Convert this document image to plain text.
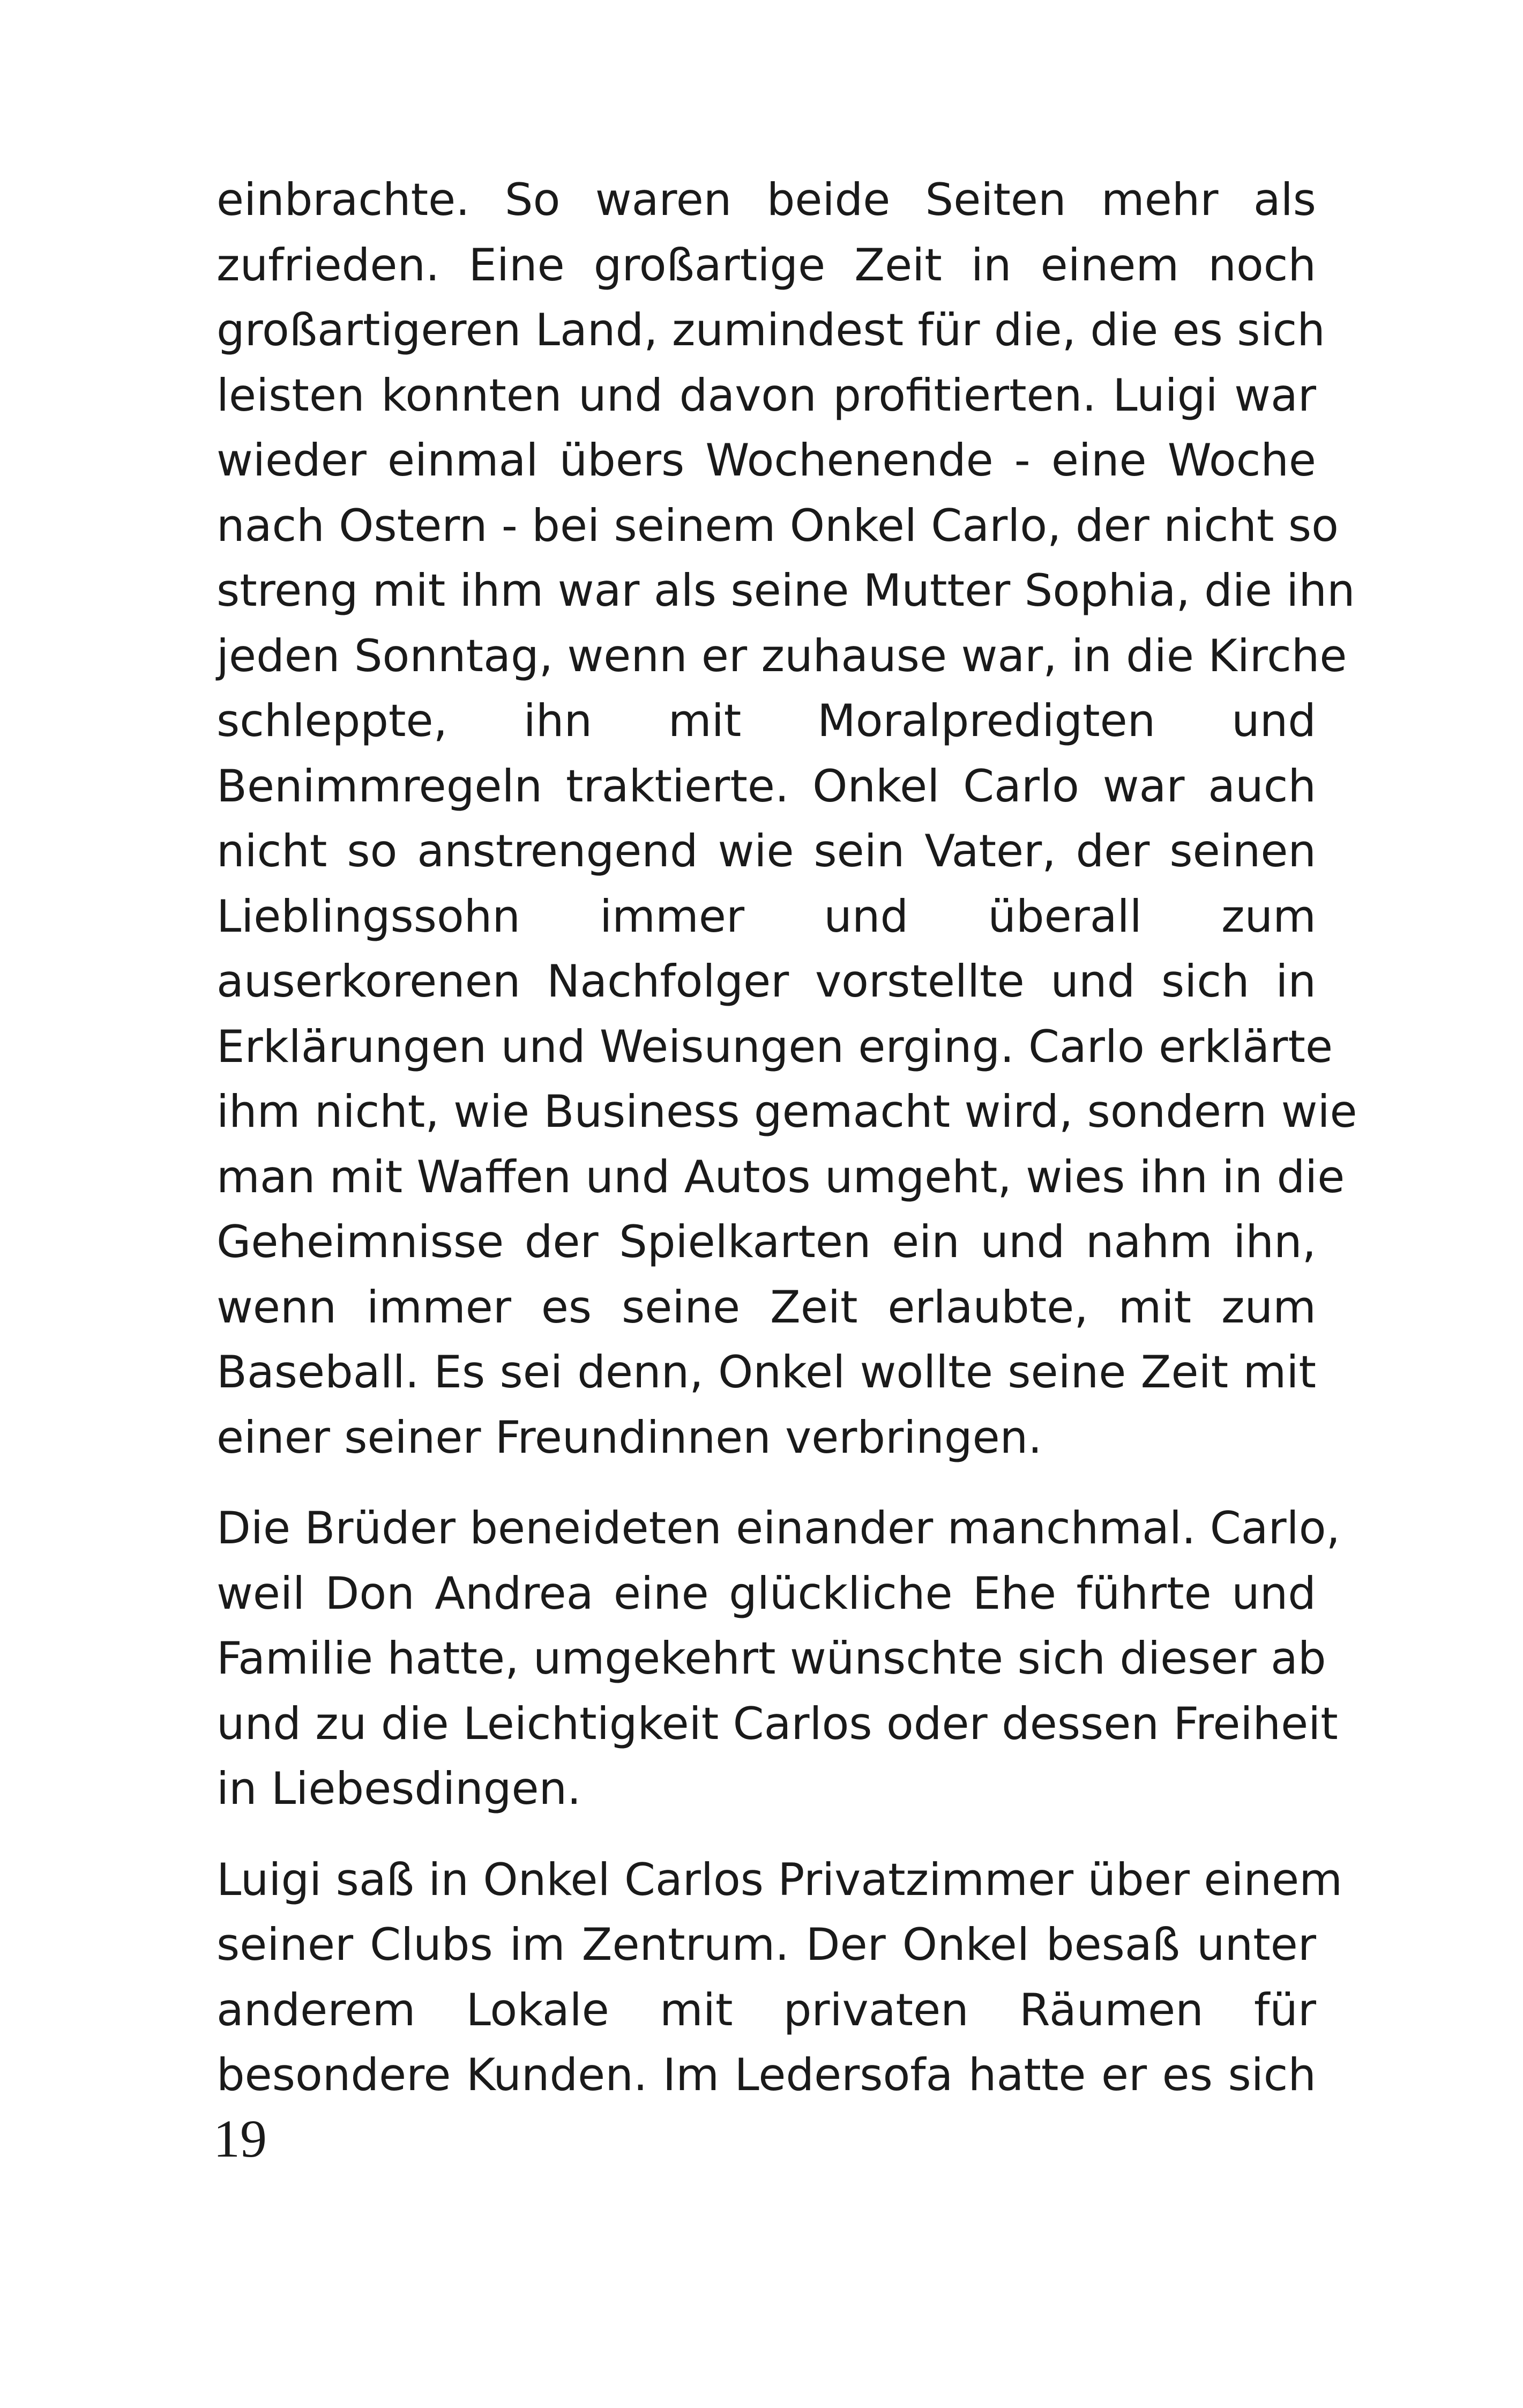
einbrachte. So waren beide Seiten mehr als
zufrieden. Eine großartige Zeit in einem noch
großartigeren Land, zumindest für die, die es sich
leisten konnten und davon profitierten. Luigi war
wieder einmal übers Wochenende - eine Woche
nach Ostern - bei seinem Onkel Carlo, der nicht so
streng mit ihm war als seine Mutter Sophia, die ihn
jeden Sonntag, wenn er zuhause war, in die Kirche
schleppte, ihn mit Moralpredigten und
Benimmregeln traktierte. Onkel Carlo war auch
nicht so anstrengend wie sein Vater, der seinen
Lieblingssohn immer und überall zum
auserkorenen Nachfolger vorstellte und sich in
Erklärungen und Weisungen erging. Carlo erklärte
ihm nicht, wie Business gemacht wird, sondern wie
man mit Waffen und Autos umgeht, wies ihn in die
Geheimnisse der Spielkarten ein und nahm ihn,
wenn immer es seine Zeit erlaubte, mit zum
Baseball. Es sei denn, Onkel wollte seine Zeit mit
einer seiner Freundinnen verbringen.

Die Brüder beneideten einander manchmal. Carlo,
weil Don Andrea eine glückliche Ehe führte und
Familie hatte, umgekehrt wünschte sich dieser ab
und zu die Leichtigkeit Carlos oder dessen Freiheit
in Liebesdingen.

Luigi saß in Onkel Carlos Privatzimmer über einem
seiner Clubs im Zentrum. Der Onkel besaß unter
anderem Lokale mit privaten Räumen für
besondere Kunden. Im Ledersofa hatte er es sich

19
